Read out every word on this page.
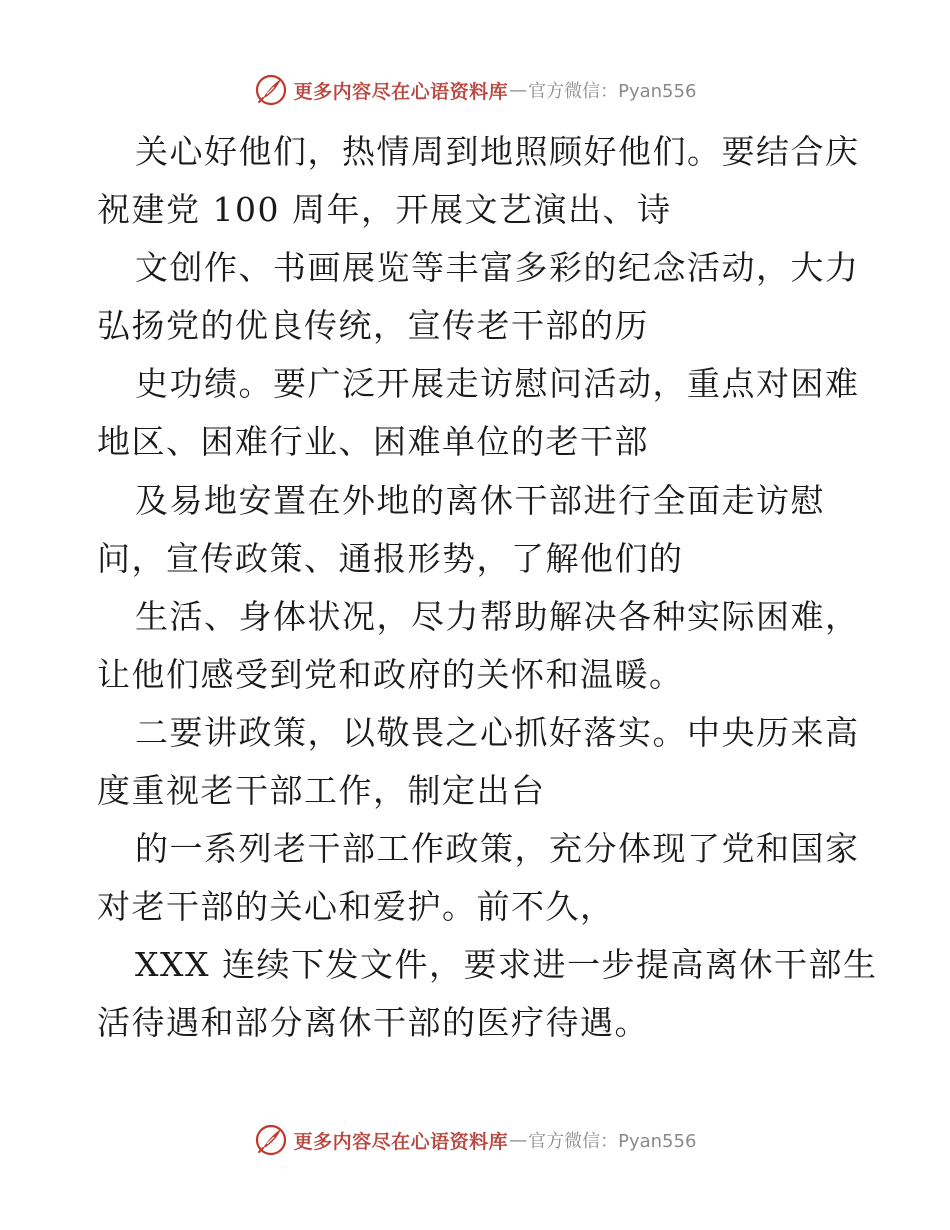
更多内容尽在心语资料库 — 官方微信：Pyan556
关心好他们，热情周到地照顾好他们。要结合庆
祝建党 100 周年，开展文艺演出、诗
文创作、书画展览等丰富多彩的纪念活动，大力
弘扬党的优良传统，宣传老干部的历
史功绩。要广泛开展走访慰问活动，重点对困难
地区、困难行业、困难单位的老干部
及易地安置在外地的离休干部进行全面走访慰
问，宣传政策、通报形势，了解他们的
生活、身体状况，尽力帮助解决各种实际困难，
让他们感受到党和政府的关怀和温暖。
二要讲政策，以敬畏之心抓好落实。中央历来高
度重视老干部工作，制定出台
的一系列老干部工作政策，充分体现了党和国家
对老干部的关心和爱护。前不久，
XXX 连续下发文件，要求进一步提高离休干部生
活待遇和部分离休干部的医疗待遇。
更多内容尽在心语资料库 — 官方微信：Pyan556
